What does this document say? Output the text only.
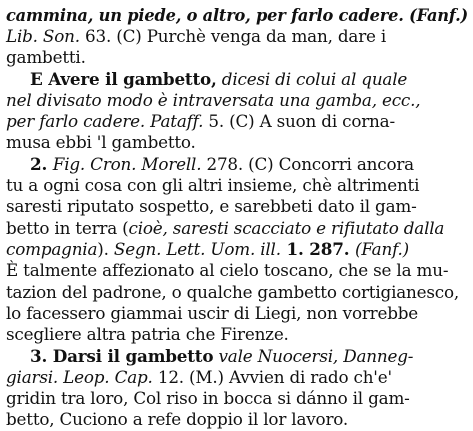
cammina, un piede, o altro, per farlo cadere. (Fanf.)
Lib. Son. 63. (C) Purchè venga da man, dare i
gambetti.
E Avere il gambetto, dicesi di colui al quale
nel divisato modo è intraversata una gamba, ecc.,
per farlo cadere. Pataff. 5. (C) A suon di corna-
musa ebbi 'l gambetto.
2. Fig. Cron. Morell. 278. (C) Concorri ancora
tu a ogni cosa con gli altri insieme, chè altrimenti
saresti riputato sospetto, e sarebbeti dato il gam-
betto in terra (cioè, saresti scacciato e rifiutato dalla
compagnia). Segn. Lett. Uom. ill. 1. 287. (Fanf.)
È talmente affezionato al cielo toscano, che se la mu-
tazion del padrone, o qualche gambetto cortigianesco,
lo facessero giammai uscir di Liegi, non vorrebbe
scegliere altra patria che Firenze.
3. Darsi il gambetto vale Nuocersi, Danneg-
giarsi. Leop. Cap. 12. (M.) Avvien di rado ch'e'
gridin tra loro, Col riso in bocca si dánno il gam-
betto, Cuciono a refe doppio il lor lavoro.
